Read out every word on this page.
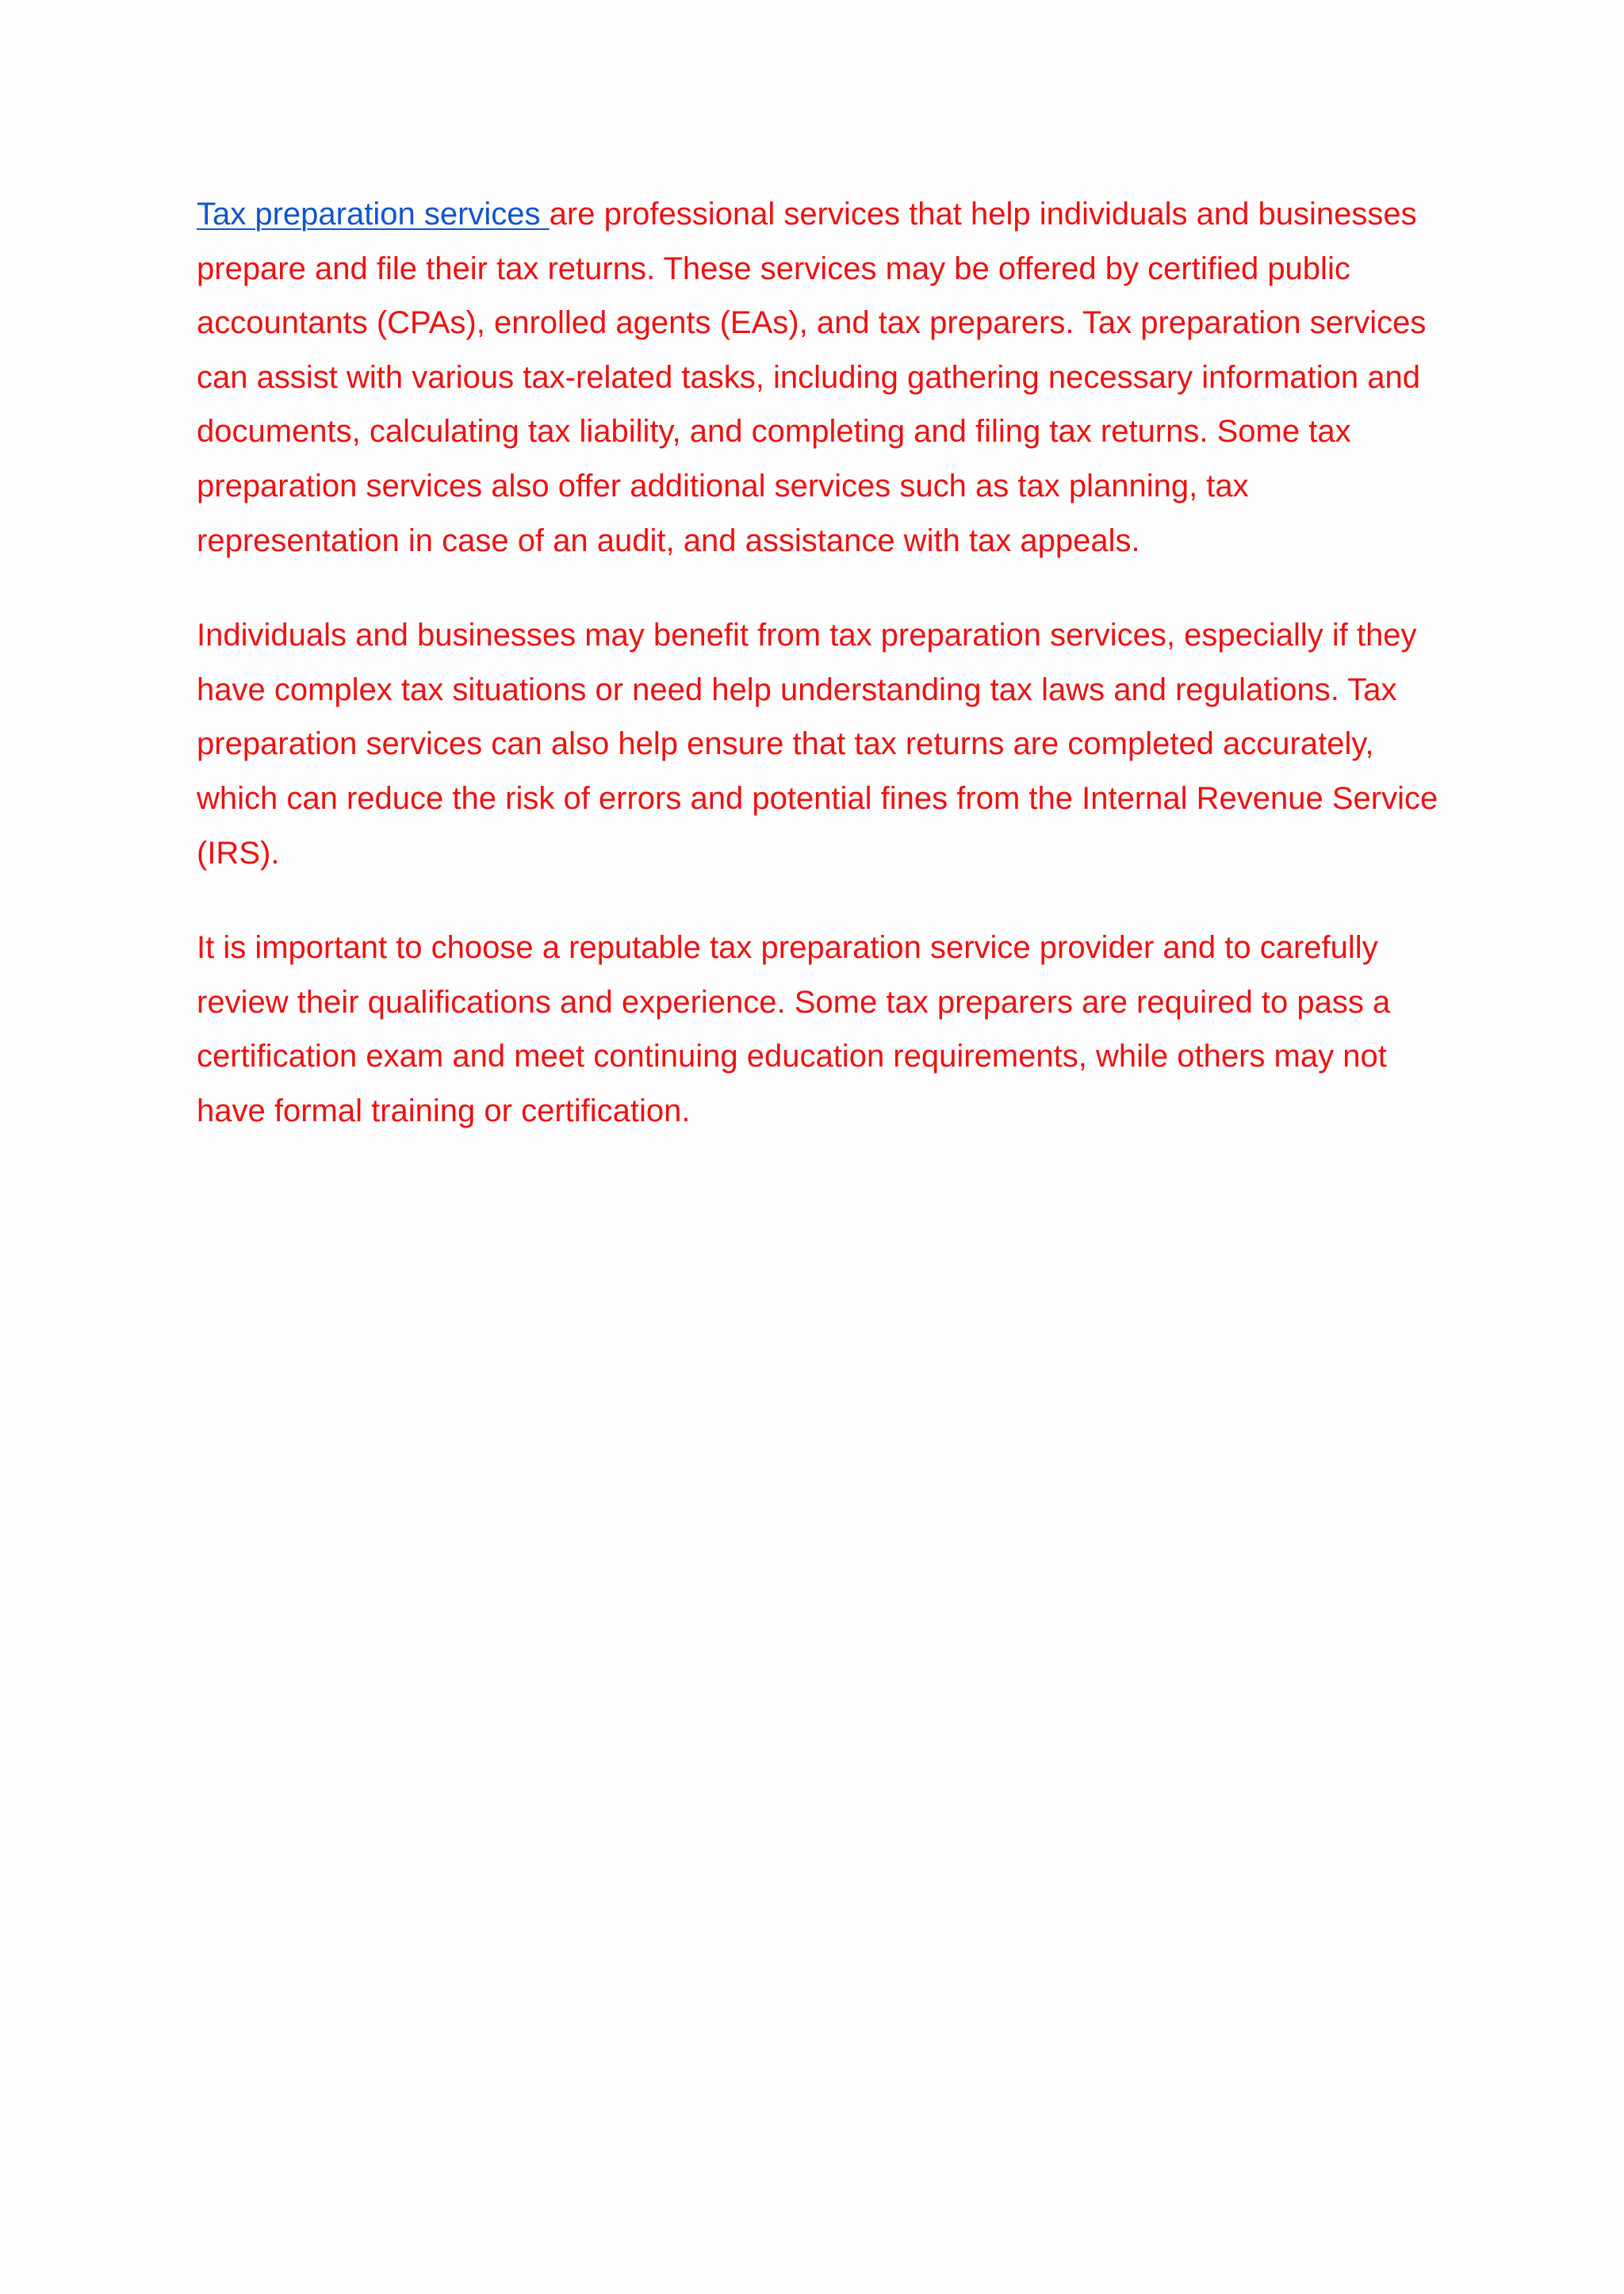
Tax preparation services are professional services that help individuals and businesses prepare and file their tax returns. These services may be offered by certified public accountants (CPAs), enrolled agents (EAs), and tax preparers. Tax preparation services can assist with various tax-related tasks, including gathering necessary information and documents, calculating tax liability, and completing and filing tax returns. Some tax preparation services also offer additional services such as tax planning, tax representation in case of an audit, and assistance with tax appeals.

Individuals and businesses may benefit from tax preparation services, especially if they have complex tax situations or need help understanding tax laws and regulations. Tax preparation services can also help ensure that tax returns are completed accurately, which can reduce the risk of errors and potential fines from the Internal Revenue Service (IRS).

It is important to choose a reputable tax preparation service provider and to carefully review their qualifications and experience. Some tax preparers are required to pass a certification exam and meet continuing education requirements, while others may not have formal training or certification.
